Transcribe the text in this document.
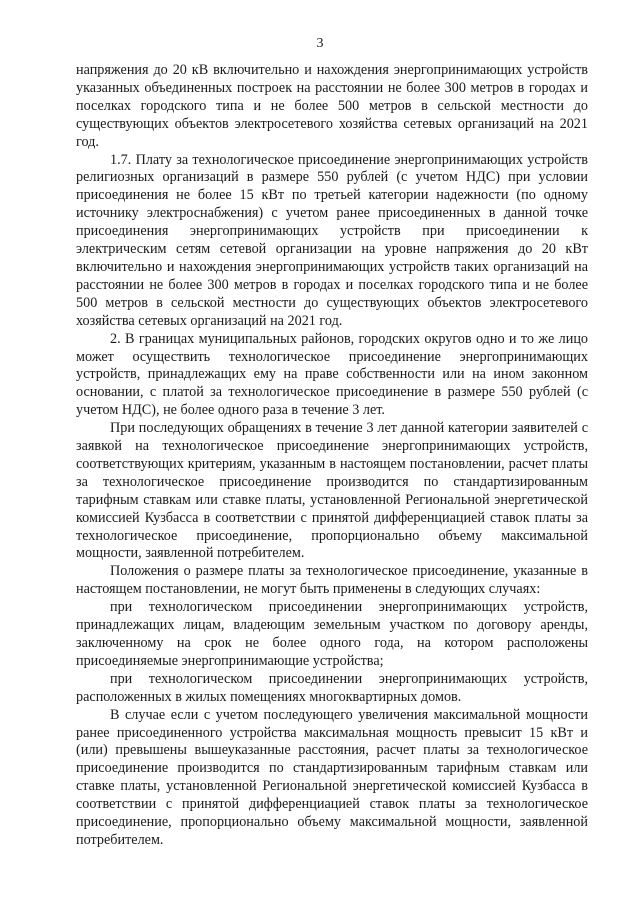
3

напряжения до 20 кВ включительно и нахождения энергопринимающих устройств указанных объединенных построек на расстоянии не более 300 метров в городах и поселках городского типа и не более 500 метров в сельской местности до существующих объектов электросетевого хозяйства сетевых организаций на 2021 год.

1.7. Плату за технологическое присоединение энергопринимающих устройств религиозных организаций в размере 550 рублей (с учетом НДС) при условии присоединения не более 15 кВт по третьей категории надежности (по одному источнику электроснабжения) с учетом ранее присоединенных в данной точке присоединения энергопринимающих устройств при присоединении к электрическим сетям сетевой организации на уровне напряжения до 20 кВт включительно и нахождения энергопринимающих устройств таких организаций на расстоянии не более 300 метров в городах и поселках городского типа и не более 500 метров в сельской местности до существующих объектов электросетевого хозяйства сетевых организаций на 2021 год.

2. В границах муниципальных районов, городских округов одно и то же лицо может осуществить технологическое присоединение энергопринимающих устройств, принадлежащих ему на праве собственности или на ином законном основании, с платой за технологическое присоединение в размере 550 рублей (с учетом НДС), не более одного раза в течение 3 лет.

При последующих обращениях в течение 3 лет данной категории заявителей с заявкой на технологическое присоединение энергопринимающих устройств, соответствующих критериям, указанным в настоящем постановлении, расчет платы за технологическое присоединение производится по стандартизированным тарифным ставкам или ставке платы, установленной Региональной энергетической комиссией Кузбасса в соответствии с принятой дифференциацией ставок платы за технологическое присоединение, пропорционально объему максимальной мощности, заявленной потребителем.

Положения о размере платы за технологическое присоединение, указанные в настоящем постановлении, не могут быть применены в следующих случаях:

при технологическом присоединении энергопринимающих устройств, принадлежащих лицам, владеющим земельным участком по договору аренды, заключенному на срок не более одного года, на котором расположены присоединяемые энергопринимающие устройства;

при технологическом присоединении энергопринимающих устройств, расположенных в жилых помещениях многоквартирных домов.

В случае если с учетом последующего увеличения максимальной мощности ранее присоединенного устройства максимальная мощность превысит 15 кВт и (или) превышены вышеуказанные расстояния, расчет платы за технологическое присоединение производится по стандартизированным тарифным ставкам или ставке платы, установленной Региональной энергетической комиссией Кузбасса в соответствии с принятой дифференциацией ставок платы за технологическое присоединение, пропорционально объему максимальной мощности, заявленной потребителем.
